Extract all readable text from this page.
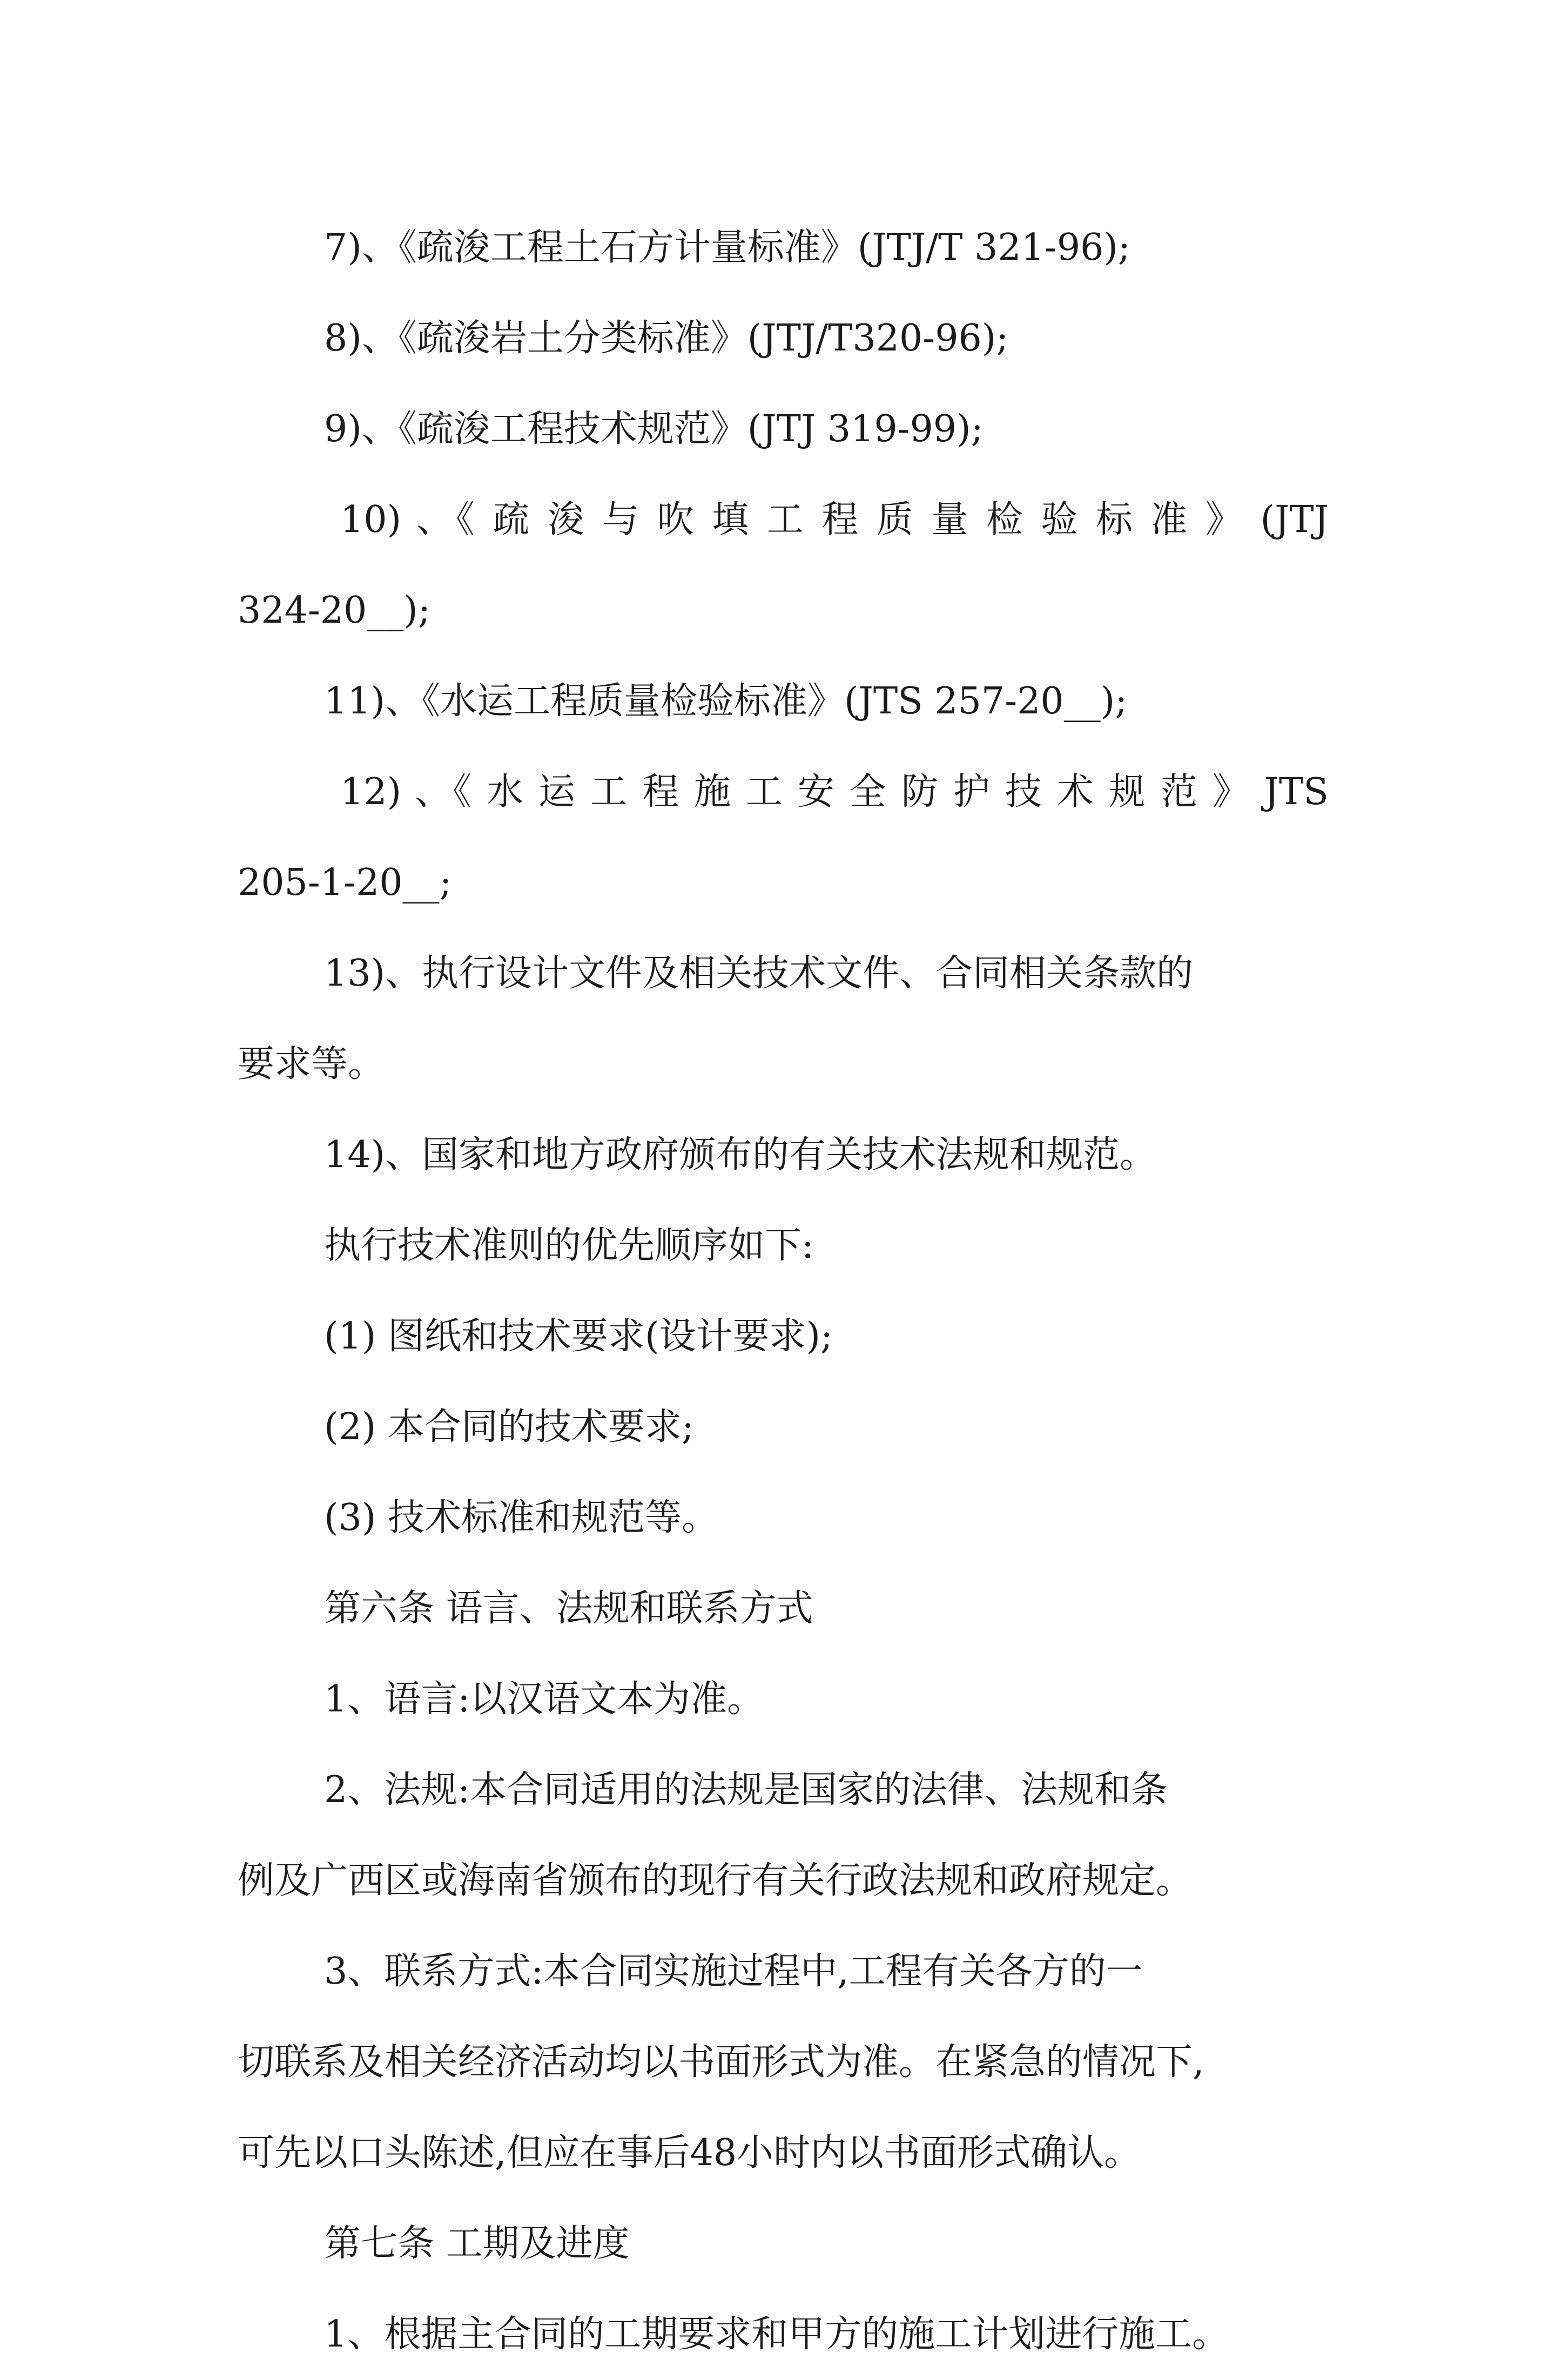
7)、《疏浚工程土石方计量标准》(JTJ/T 321-96);
8)、《疏浚岩土分类标准》(JTJ/T320-96);
9)、《疏浚工程技术规范》(JTJ 319-99);
10) 、《 疏 浚 与 吹 填 工 程 质 量 检 验 标 准 》 (JTJ
324-20__);
11)、《水运工程质量检验标准》(JTS 257-20__);
12) 、《 水 运 工 程 施 工 安 全 防 护 技 术 规 范 》 JTS
205-1-20__;
13)、执行设计文件及相关技术文件、合同相关条款的
要求等。
14)、国家和地方政府颁布的有关技术法规和规范。
执行技术准则的优先顺序如下:
(1) 图纸和技术要求(设计要求);
(2) 本合同的技术要求;
(3) 技术标准和规范等。
第六条 语言、法规和联系方式
1、语言:以汉语文本为准。
2、法规:本合同适用的法规是国家的法律、法规和条
例及广西区或海南省颁布的现行有关行政法规和政府规定。
3、联系方式:本合同实施过程中,工程有关各方的一
切联系及相关经济活动均以书面形式为准。在紧急的情况下,
可先以口头陈述,但应在事后48小时内以书面形式确认。
第七条 工期及进度
1、根据主合同的工期要求和甲方的施工计划进行施工。
